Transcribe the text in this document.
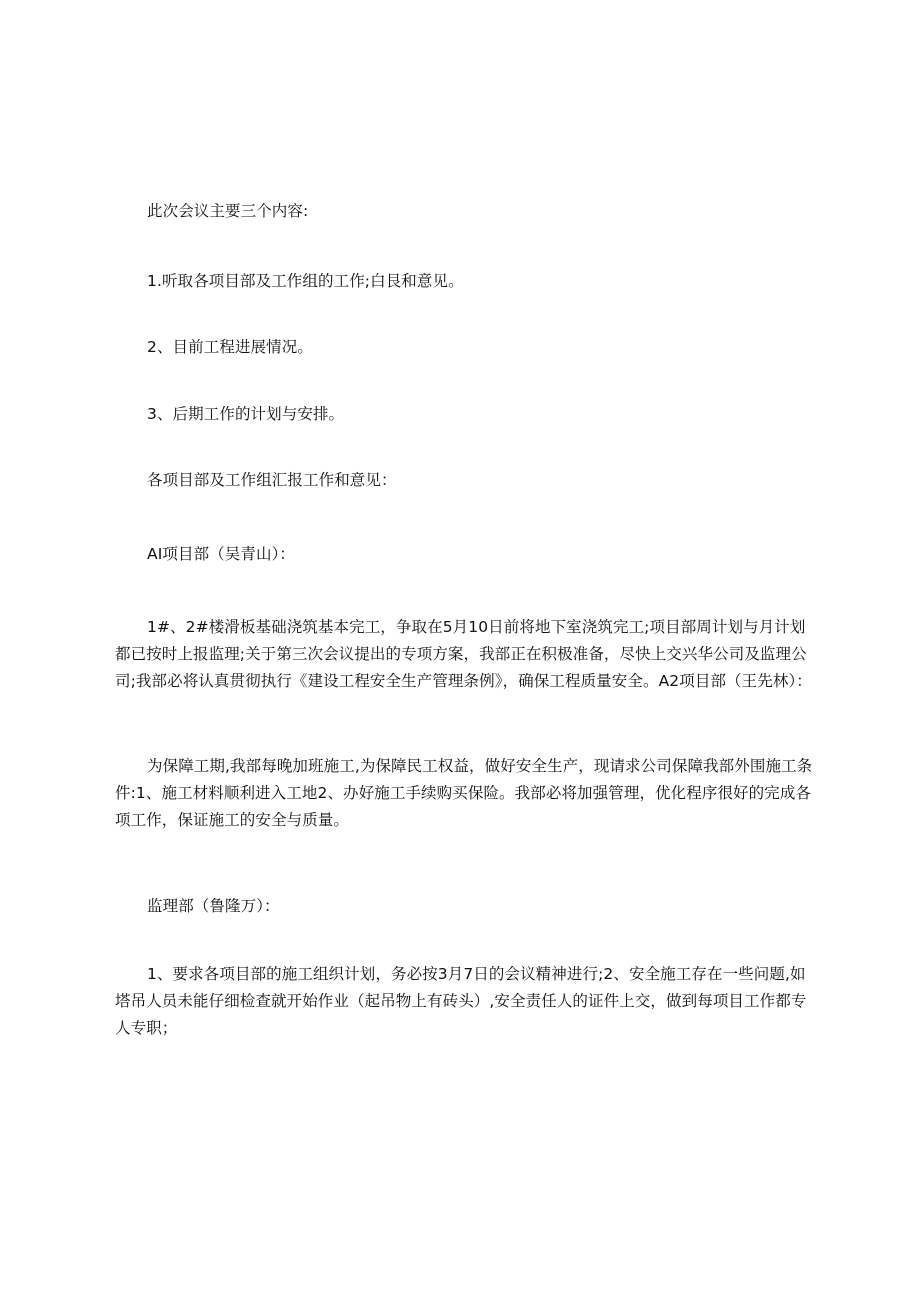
此次会议主要三个内容:

1.听取各项目部及工作组的工作;白艮和意见。

2、目前工程进展情况。

3、后期工作的计划与安排。

各项目部及工作组汇报工作和意见：

AI项目部（吴青山）：

1#、2#楼滑板基础浇筑基本完工，争取在5月10日前将地下室浇筑完工;项目部周计划与月计划都已按时上报监理;关于第三次会议提出的专项方案，我部正在积极准备，尽快上交兴华公司及监理公司;我部必将认真贯彻执行《建设工程安全生产管理条例》，确保工程质量安全。A2项目部（王先林）：

为保障工期,我部每晚加班施工,为保障民工权益，做好安全生产，现请求公司保障我部外围施工条件:1、施工材料顺利进入工地2、办好施工手续购买保险。我部必将加强管理，优化程序很好的完成各项工作，保证施工的安全与质量。

监理部（鲁隆万）：

1、要求各项目部的施工组织计划，务必按3月7日的会议精神进行;2、安全施工存在一些问题,如塔吊人员未能仔细检查就开始作业（起吊物上有砖头）,安全责任人的证件上交，做到每项目工作都专人专职；
